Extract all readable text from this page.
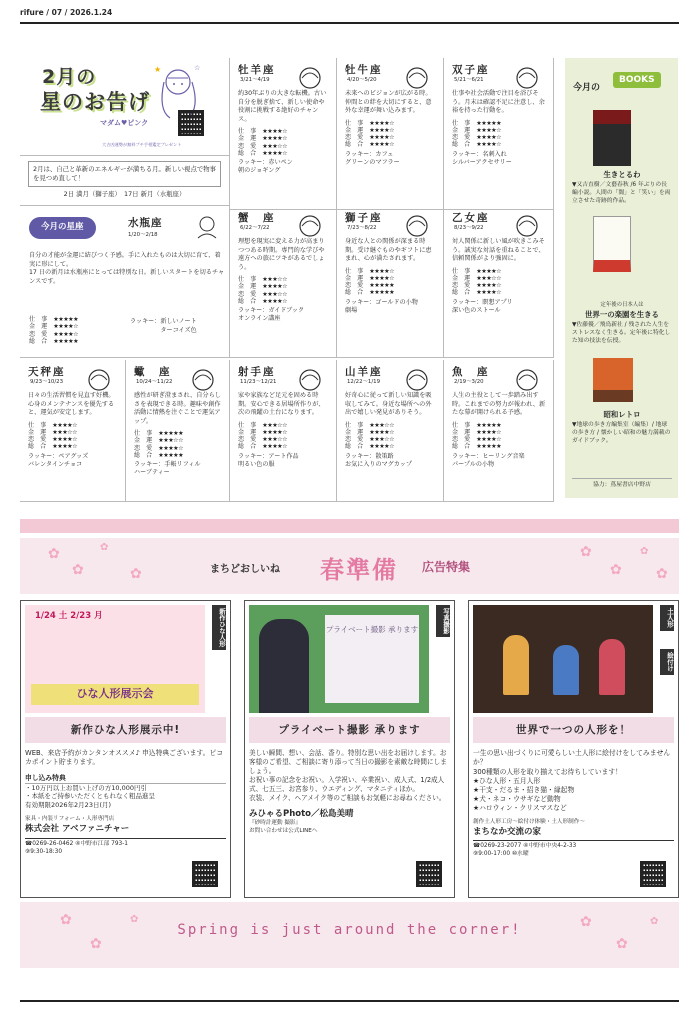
rifure / 07 / 2026.1.24
2月の
星のお告げ
マダム♥ピンク
★	☆
大吉凶運勢が無料プチ手相鑑定プレゼント
2月は、自己と革新のエネルギーが満ちる月。新しい視点で物事を見つめ直して！
2日 満月（獅子座）　17日 新月（水瓶座）
今月の星座	水瓶座
1/20〜2/18
自分の才能が金運に結びつく予感。手に入れたものは大切に育て、着実に形にして。
17 日の新月は水瓶座にとっては特別な日。新しいスタートを切るチャンスです。
仕　事 ★★★★★
金　運 ★★★★☆
恋　愛 ★★★★☆
総　合 ★★★★★
ラッキー：新しいノート
ターコイズ色
牡羊座
3/21〜4/19
約30年ぶりの大きな転機。古い自分を脱ぎ捨て、新しい使命や役割に挑戦する絶好のチャンス。
仕　事 ★★★★☆
金　運 ★★★★☆
恋　愛 ★★★☆☆
総　合 ★★★★☆
ラッキー：赤いペン
朝のジョギング
牡牛座
4/20〜5/20
未来へのビジョンが広がる時。仲間との絆を大切にすると、意外な幸運が舞い込みます。
仕　事 ★★★★☆
金　運 ★★★★☆
恋　愛 ★★★★☆
総　合 ★★★★☆
ラッキー：カフェ
グリーンのマフラー
双子座
5/21〜6/21
仕事や社会活動で注目を浴びそう。月末は確認不足に注意し、余裕を持った行動を。
仕　事 ★★★★★
金　運 ★★★★☆
恋　愛 ★★★★☆
総　合 ★★★★☆
ラッキー：名刺入れ
シルバーアクセサリー
蟹　座
6/22〜7/22
理想を現実に変える力が高まりつつある時期。専門的な学びや遠方への旅にツキがあるでしょう。
仕　事 ★★★☆☆
金　運 ★★★★☆
恋　愛 ★★★☆☆
総　合 ★★★★☆
ラッキー：ガイドブック
オンライン講座
獅子座
7/23〜8/22
身近な人との関係が深まる時期。受け継ぐものやギフトに恵まれ、心が満たされます。
仕　事 ★★★★☆
金　運 ★★★★☆
恋　愛 ★★★★★
総　合 ★★★★★
ラッキー：ゴールドの小物
劇場
乙女座
8/23〜9/22
対人関係に新しい風が吹きこみそう。誠実な対話を重ねることで、信頼関係がより強固に。
仕　事 ★★★★☆
金　運 ★★★☆☆
恋　愛 ★★★★☆
総　合 ★★★★☆
ラッキー：瞑想アプリ
深い色のストール
天秤座
9/23〜10/23
日々の生活習慣を見直す好機。心身のメンテナンスを優先すると、運気が安定します。
仕　事 ★★★★☆
金　運 ★★★☆☆
恋　愛 ★★★★☆
総　合 ★★★★☆
ラッキー：ペアグッズ
バレンタインチョコ
蠍　座
10/24〜11/22
感性が研ぎ澄まされ、自分らしさを表現できる時。趣味や創作活動に情熱を注ぐことで運気アップ。
仕　事 ★★★★★
金　運 ★★★☆☆
恋　愛 ★★★★☆
総　合 ★★★★★
ラッキー：手帳リフィル
ハーブティー
射手座
11/23〜12/21
家や家族など足元を固める時期。安心できる居場所作りが、次の飛躍の土台になります。
仕　事 ★★★☆☆
金　運 ★★★★☆
恋　愛 ★★★☆☆
総　合 ★★★★☆
ラッキー：アート作品
明るい色の服
山羊座
12/22〜1/19
好奇心に従って新しい知識を吸収してみて。身近な場所への外出で嬉しい発見がありそう。
仕　事 ★★★☆☆
金　運 ★★★★☆
恋　愛 ★★★☆☆
総　合 ★★★★☆
ラッキー：散策路
お気に入りのマグカップ
魚　座
2/19〜3/20
人生の主役として一歩踏み出す時。これまでの努力が報われ、新たな幕が開けられる予感。
仕　事 ★★★★★
金　運 ★★★★☆
恋　愛 ★★★★☆
総　合 ★★★★★
ラッキー：ヒーリング音楽
パープルの小物
今月の
BOOKS
生きとるわ
▼又吉直樹／文藝春秋 /6 年ぶりの長編小説。人間の「闇」と「笑い」を両立させた奇跡的作品。
定年後の日本人は
世界一の楽園を生きる
▼佐藤優／飛鳥新社 / 残された人生をストレスなく生きる。定年後に特化した知の技法を伝授。
昭和レトロ
▼地球の歩き方編集室（編集）/ 地球の歩き方 / 懐かしい昭和の魅力満載のガイドブック。
協力：蔦屋書店中野店
✿
✿
✿
✿
✿
✿
✿
✿
まちどおしいね 春準備 広告特集
新作ひな人形
1/24 土 2/23 月
ひな人形展示会
新作ひな人形展示中!
WEB、来店予約がカンタンオススメ♪ 申込特典ございます。ピコカポイント貯まります。
申し込み特典
・10万円以上お買い上げの方10,000円引
・本紙をご持参いただくともれなく粗品進呈
有効期限2026年2月23日(月)
家具・内装リフォーム・人形専門店
株式会社 アベファニチャー
☎0269-26-0462 ④中野市江部 793-1
⑨9:30-18:30
写真撮影
プライベート撮影 承ります
プライベート撮影 承ります
美しい瞬間、想い、会話、香り。特別な思い出をお届けします。お客様のご希望、ご相談に寄り添って当日の撮影を素敵な時間にしましょう。
お祝い事の記念をお祝い。入学祝い、卒業祝い、成人式、1/2成人式、七五三、お宮参り、ウエディング、マタニティほか。
衣装、メイク、ヘアメイク等のご相談もお気軽にお尋ねください。
みひゃるPhoto／松島美晴
『砂時計運動 撮影』
お問い合わせは公式LINEへ
土人形
絵付け
世界で一つの人形を！
一生の思い出づくりに可愛らしい土人形に絵付けをしてみませんか？
300種類の人形を取り揃えてお待ちしています！
★ひな人形・五月人形
★干支・だるま・招き猫・縁起物
★犬・ネコ・ウサギなど動物
★ハロウィン・クリスマスなど
創作土人形工房〜絵付け体験・土人形制作〜
まちなか交流の家
☎0269-23-2077 ④中野市中央4-2-33
⑨9:00-17:00 ⑩水曜
✿
✿
✿	✿
✿
✿
Spring is just around the corner!
